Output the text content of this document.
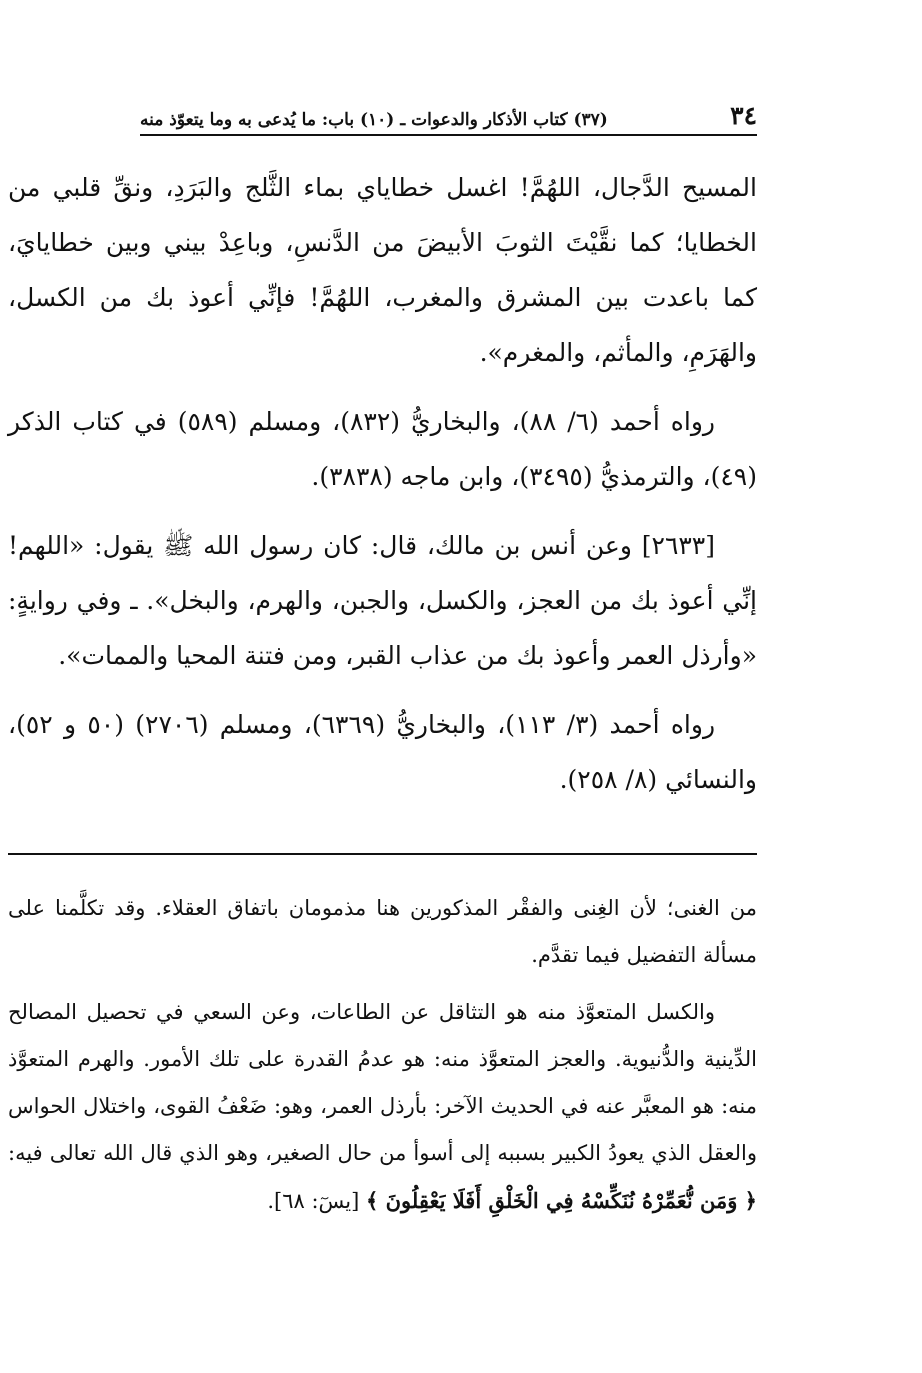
٣٤
(٣٧) كتاب الأذكار والدعوات ـ (١٠) باب: ما يُدعى به وما يتعوّذ منه

المسيح الدَّجال، اللهُمَّ! اغسل خطاياي بماء الثَّلج والبَرَدِ، ونقِّ قلبي من الخطايا؛ كما نقَّيْتَ الثوبَ الأبيضَ من الدَّنسِ، وباعِدْ بيني وبين خطايايَ، كما باعدت بين المشرق والمغرب، اللهُمَّ! فإنِّي أعوذ بك من الكسل، والهَرَمِ، والمأثم، والمغرم».

رواه أحمد (٦/ ٨٨)، والبخاريُّ (٨٣٢)، ومسلم (٥٨٩) في كتاب الذكر (٤٩)، والترمذيُّ (٣٤٩٥)، وابن ماجه (٣٨٣٨).

[٢٦٣٣] وعن أنس بن مالك، قال: كان رسول الله ﷺ يقول: «اللهم! إنِّي أعوذ بك من العجز، والكسل، والجبن، والهرم، والبخل». ـ وفي روايةٍ: «وأرذل العمر وأعوذ بك من عذاب القبر، ومن فتنة المحيا والممات».

رواه أحمد (٣/ ١١٣)، والبخاريُّ (٦٣٦٩)، ومسلم (٢٧٠٦) (٥٠ و ٥٢)، والنسائي (٨/ ٢٥٨).

من الغنى؛ لأن الغِنى والفقْر المذكورين هنا مذمومان باتفاق العقلاء. وقد تكلَّمنا على مسألة التفضيل فيما تقدَّم.

والكسل المتعوَّذ منه هو التثاقل عن الطاعات، وعن السعي في تحصيل المصالح الدِّينية والدُّنيوية. والعجز المتعوَّذ منه: هو عدمُ القدرة على تلك الأمور. والهرم المتعوَّذ منه: هو المعبَّر عنه في الحديث الآخر: بأرذل العمر، وهو: ضَعْفُ القوى، واختلال الحواس والعقل الذي يعودُ الكبير بسببه إلى أسوأ من حال الصغير، وهو الذي قال الله تعالى فيه: ﴿ وَمَن نُّعَمِّرْهُ نُنَكِّسْهُ فِي الْخَلْقِ أَفَلَا يَعْقِلُونَ ﴾ [يسٓ: ٦٨].
